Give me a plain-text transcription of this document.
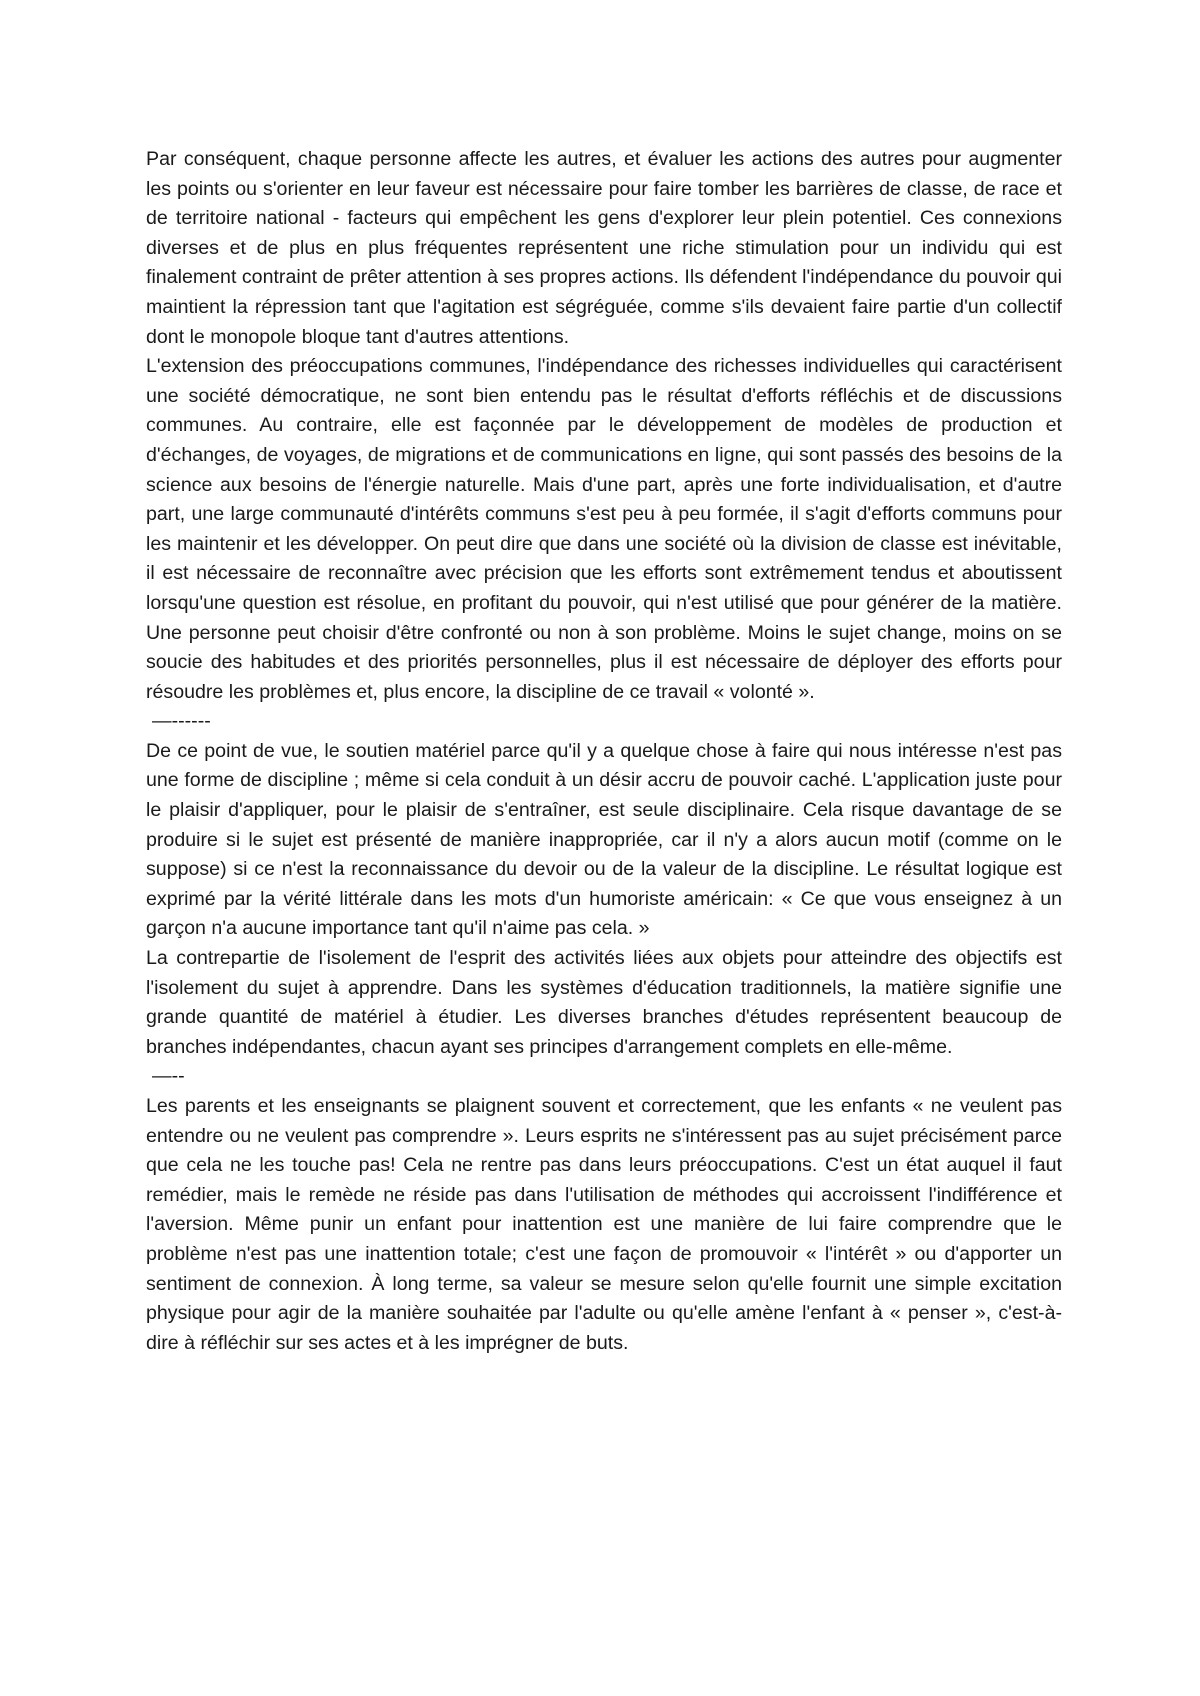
Par conséquent, chaque personne affecte les autres, et évaluer les actions des autres pour augmenter les points ou s'orienter en leur faveur est nécessaire pour faire tomber les barrières de classe, de race et de territoire national - facteurs qui empêchent les gens d'explorer leur plein potentiel. Ces connexions diverses et de plus en plus fréquentes représentent une riche stimulation pour un individu qui est finalement contraint de prêter attention à ses propres actions. Ils défendent l'indépendance du pouvoir qui maintient la répression tant que l'agitation est ségréguée, comme s'ils devaient faire partie d'un collectif dont le monopole bloque tant d'autres attentions.

L'extension des préoccupations communes, l'indépendance des richesses individuelles qui caractérisent une société démocratique, ne sont bien entendu pas le résultat d'efforts réfléchis et de discussions communes. Au contraire, elle est façonnée par le développement de modèles de production et d'échanges, de voyages, de migrations et de communications en ligne, qui sont passés des besoins de la science aux besoins de l'énergie naturelle. Mais d'une part, après une forte individualisation, et d'autre part, une large communauté d'intérêts communs s'est peu à peu formée, il s'agit d'efforts communs pour les maintenir et les développer. On peut dire que dans une société où la division de classe est inévitable, il est nécessaire de reconnaître avec précision que les efforts sont extrêmement tendus et aboutissent lorsqu'une question est résolue, en profitant du pouvoir, qui n'est utilisé que pour générer de la matière. Une personne peut choisir d'être confronté ou non à son problème. Moins le sujet change, moins on se soucie des habitudes et des priorités personnelles, plus il est nécessaire de déployer des efforts pour résoudre les problèmes et, plus encore, la discipline de ce travail « volonté ».

—------

De ce point de vue, le soutien matériel parce qu'il y a quelque chose à faire qui nous intéresse n'est pas une forme de discipline ; même si cela conduit à un désir accru de pouvoir caché. L'application juste pour le plaisir d'appliquer, pour le plaisir de s'entraîner, est seule disciplinaire. Cela risque davantage de se produire si le sujet est présenté de manière inappropriée, car il n'y a alors aucun motif (comme on le suppose) si ce n'est la reconnaissance du devoir ou de la valeur de la discipline. Le résultat logique est exprimé par la vérité littérale dans les mots d'un humoriste américain: « Ce que vous enseignez à un garçon n'a aucune importance tant qu'il n'aime pas cela. »

La contrepartie de l'isolement de l'esprit des activités liées aux objets pour atteindre des objectifs est l'isolement du sujet à apprendre. Dans les systèmes d'éducation traditionnels, la matière signifie une grande quantité de matériel à étudier. Les diverses branches d'études représentent beaucoup de branches indépendantes, chacun ayant ses principes d'arrangement complets en elle-même.

—--

Les parents et les enseignants se plaignent souvent et correctement, que les enfants « ne veulent pas entendre ou ne veulent pas comprendre ». Leurs esprits ne s'intéressent pas au sujet précisément parce que cela ne les touche pas! Cela ne rentre pas dans leurs préoccupations. C'est un état auquel il faut remédier, mais le remède ne réside pas dans l'utilisation de méthodes qui accroissent l'indifférence et l'aversion. Même punir un enfant pour inattention est une manière de lui faire comprendre que le problème n'est pas une inattention totale; c'est une façon de promouvoir « l'intérêt » ou d'apporter un sentiment de connexion. À long terme, sa valeur se mesure selon qu'elle fournit une simple excitation physique pour agir de la manière souhaitée par l'adulte ou qu'elle amène l'enfant à « penser », c'est-à-dire à réfléchir sur ses actes et à les imprégner de buts.
